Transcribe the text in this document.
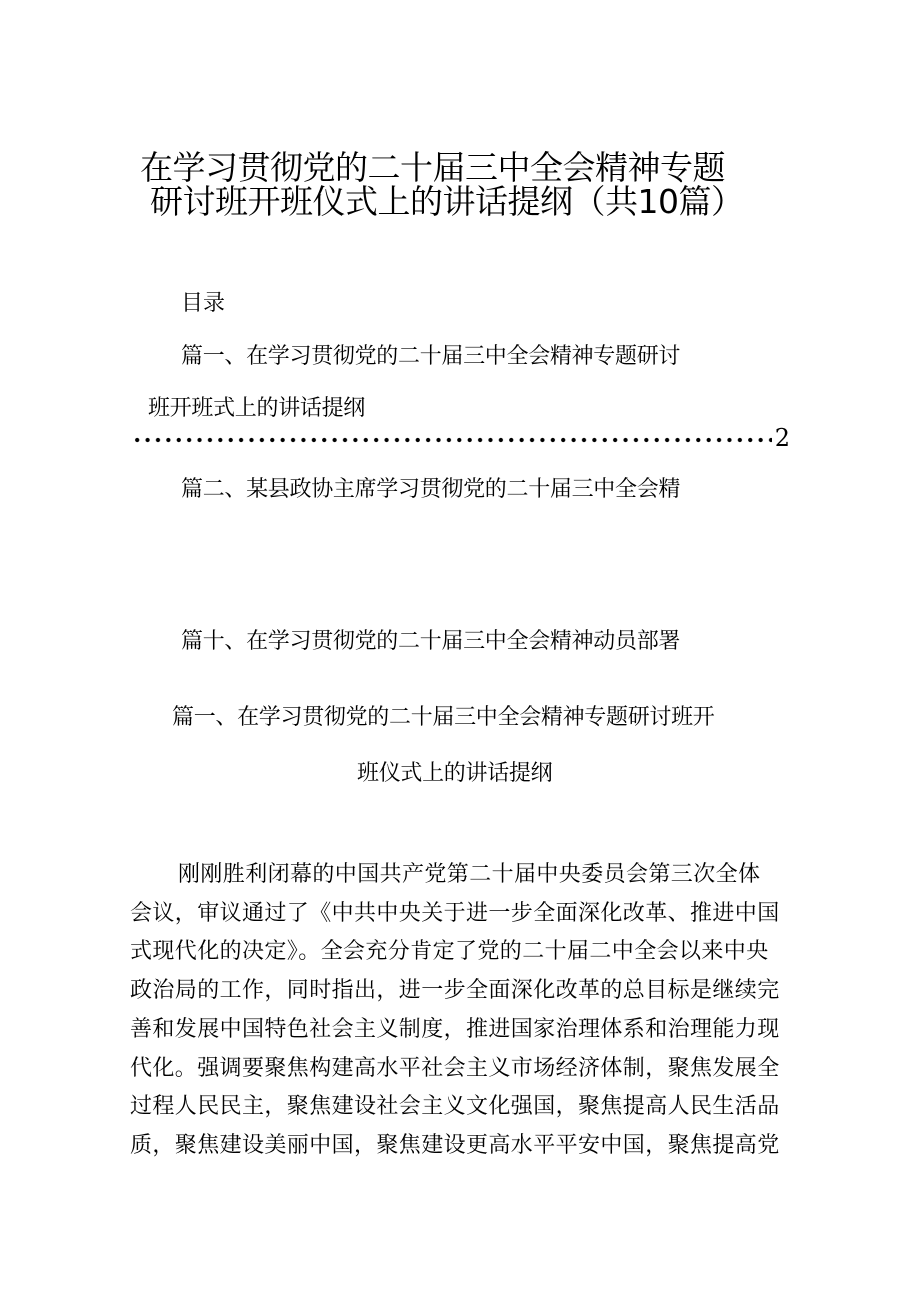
在学习贯彻党的二十届三中全会精神专题
研讨班开班仪式上的讲话提纲（共10篇）
目录
篇一、在学习贯彻党的二十届三中全会精神专题研讨
班开班式上的讲话提纲
2
篇二、某县政协主席学习贯彻党的二十届三中全会精
篇十、在学习贯彻党的二十届三中全会精神动员部署
篇一、在学习贯彻党的二十届三中全会精神专题研讨班开
班仪式上的讲话提纲
刚刚胜利闭幕的中国共产党第二十届中央委员会第三次全体
会议，审议通过了《中共中央关于进一步全面深化改革、推进中国
式现代化的决定》。全会充分肯定了党的二十届二中全会以来中央
政治局的工作，同时指出，进一步全面深化改革的总目标是继续完
善和发展中国特色社会主义制度，推进国家治理体系和治理能力现
代化。强调要聚焦构建高水平社会主义市场经济体制，聚焦发展全
过程人民民主，聚焦建设社会主义文化强国，聚焦提高人民生活品
质，聚焦建设美丽中国，聚焦建设更高水平平安中国，聚焦提高党
